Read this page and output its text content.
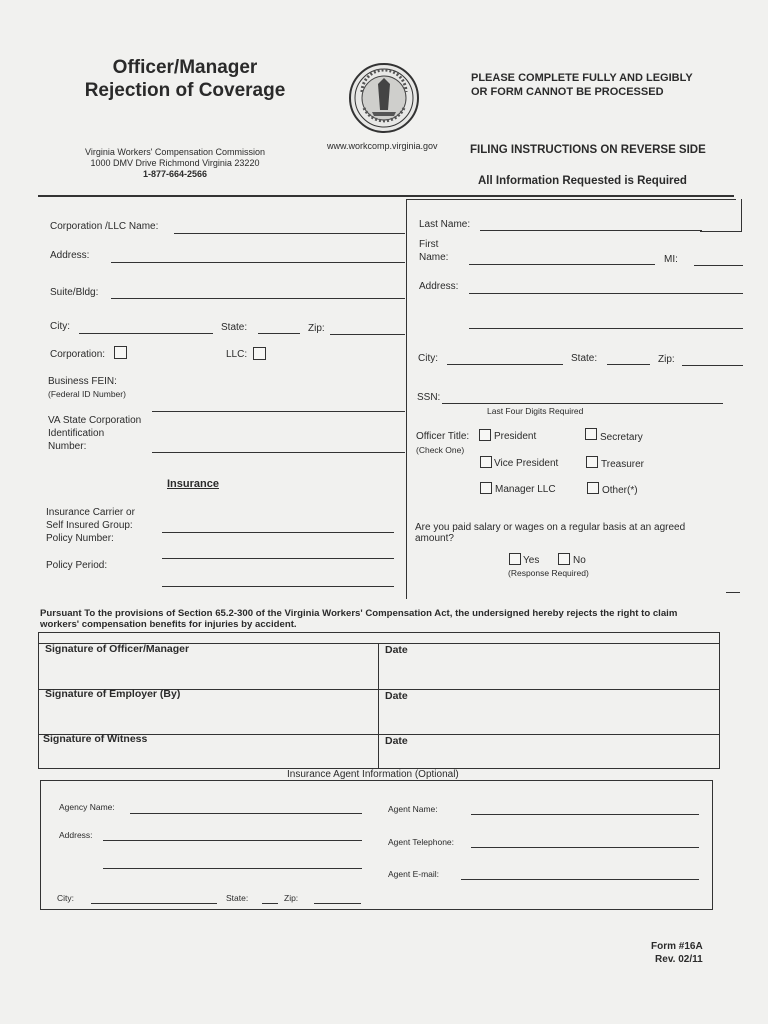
Officer/Manager
Rejection of Coverage
Virginia Workers' Compensation Commission
1000 DMV Drive Richmond Virginia 23220
1-877-664-2566
www.workcomp.virginia.gov
PLEASE COMPLETE FULLY AND LEGIBLY
OR FORM CANNOT BE PROCESSED
FILING INSTRUCTIONS ON REVERSE SIDE
All Information Requested is Required
Corporation /LLC Name:
Address:
Suite/Bldg:
City:	State:	Zip:
Corporation:	LLC:
Business FEIN:
(Federal ID Number)
VA State Corporation
Identification
Number:
Insurance
Insurance Carrier or
Self Insured Group:
Policy Number:
Policy Period:
Last Name:
First
Name:	MI:
Address:
City:	State:	Zip:
SSN:
Last Four Digits Required
Officer Title:
(Check One)
President	Secretary
Vice President	Treasurer
Manager LLC	Other(*)
Are you paid salary or wages on a regular basis at an agreed
amount?
Yes	No
(Response Required)
Pursuant To the provisions of Section 65.2-300 of the Virginia Workers' Compensation Act, the undersigned hereby rejects the right to claim
workers' compensation benefits for injuries by accident.
Signature of Officer/Manager	Date
Signature of Employer (By)	Date
Signature of Witness	Date
Insurance Agent Information (Optional)
Agency Name:
Address:
City:	State:	Zip:
Agent Name:
Agent Telephone:
Agent E-mail:
Form #16A
Rev. 02/11
